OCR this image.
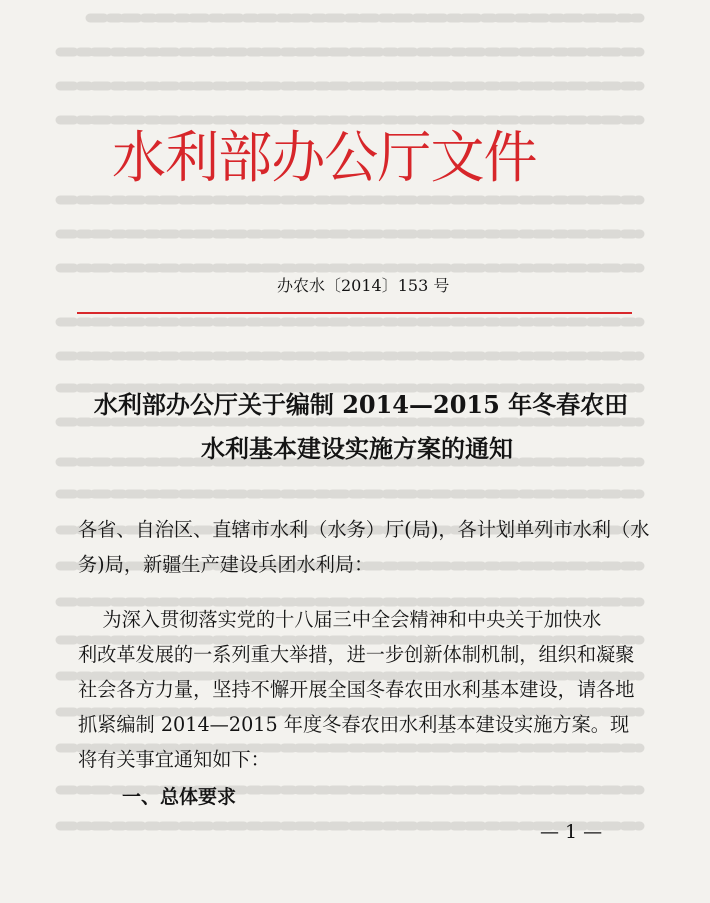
水利部办公厅文件
办农水〔2014〕153 号
水利部办公厅关于编制 2014—2015 年冬春农田
水利基本建设实施方案的通知
各省、自治区、直辖市水利（水务）厅(局)，各计划单列市水利（水
务)局，新疆生产建设兵团水利局：
为深入贯彻落实党的十八届三中全会精神和中央关于加快水
利改革发展的一系列重大举措，进一步创新体制机制，组织和凝聚
社会各方力量，坚持不懈开展全国冬春农田水利基本建设，请各地
抓紧编制 2014—2015 年度冬春农田水利基本建设实施方案。现
将有关事宜通知如下：
一、总体要求
— 1 —
